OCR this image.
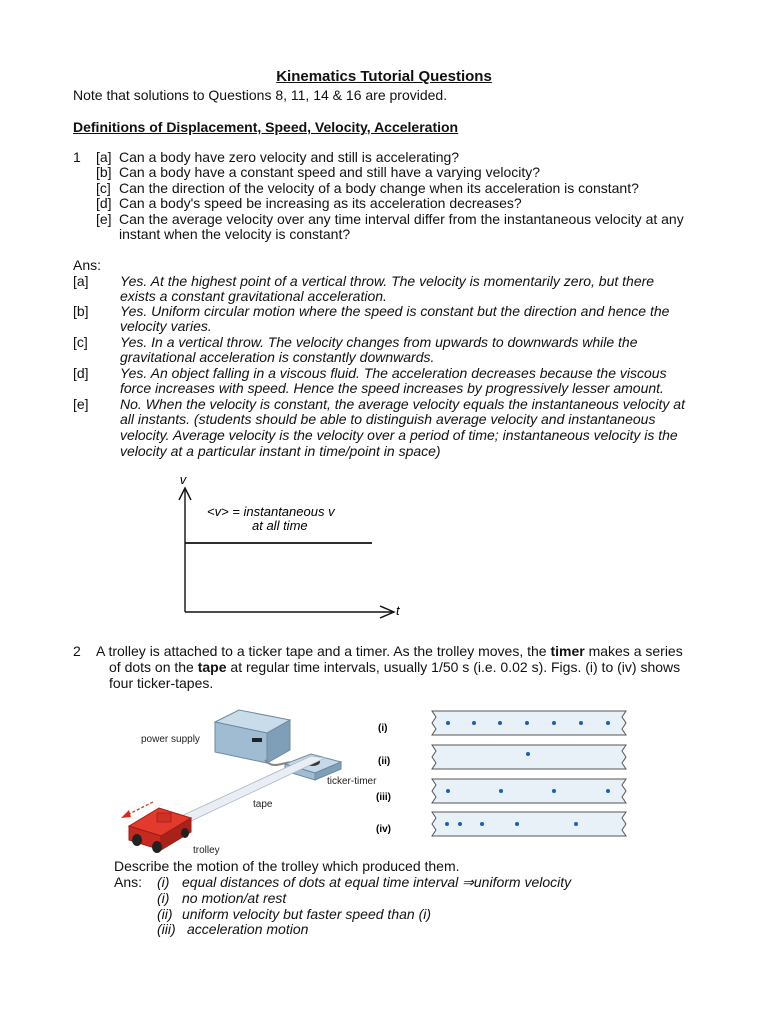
Kinematics Tutorial Questions
Note that solutions to Questions 8, 11, 14 & 16 are provided.
Definitions of Displacement, Speed, Velocity, Acceleration
1 [a] Can a body have zero velocity and still is accelerating?
[b] Can a body have a constant speed and still have a varying velocity?
[c] Can the direction of the velocity of a body change when its acceleration is constant?
[d] Can a body's speed be increasing as its acceleration decreases?
[e] Can the average velocity over any time interval differ from the instantaneous velocity at any
instant when the velocity is constant?
Ans:
[a] Yes. At the highest point of a vertical throw. The velocity is momentarily zero, but there
exists a constant gravitational acceleration.
[b] Yes. Uniform circular motion where the speed is constant but the direction and hence the
velocity varies.
[c] Yes. In a vertical throw. The velocity changes from upwards to downwards while the
gravitational acceleration is constantly downwards.
[d] Yes. An object falling in a viscous fluid. The acceleration decreases because the viscous
force increases with speed. Hence the speed increases by progressively lesser amount.
[e] No. When the velocity is constant, the average velocity equals the instantaneous velocity at
all instants. (students should be able to distinguish average velocity and instantaneous
velocity. Average velocity is the velocity over a period of time; instantaneous velocity is the
velocity at a particular instant in time/point in space)
v
t
<v> = instantaneous v
at all time
2 A trolley is attached to a ticker tape and a timer. As the trolley moves, the timer makes a series
of dots on the tape at regular time intervals, usually 1/50 s (i.e. 0.02 s). Figs. (i) to (iv) shows
four ticker-tapes.
power supply
ticker-timer
tape
trolley
(i)
(ii)
(iii)
(iv)
Describe the motion of the trolley which produced them.
Ans: (i) equal distances of dots at equal time interval ⇒uniform velocity
(i) no motion/at rest
(ii) uniform velocity but faster speed than (i)
(iii) acceleration motion
